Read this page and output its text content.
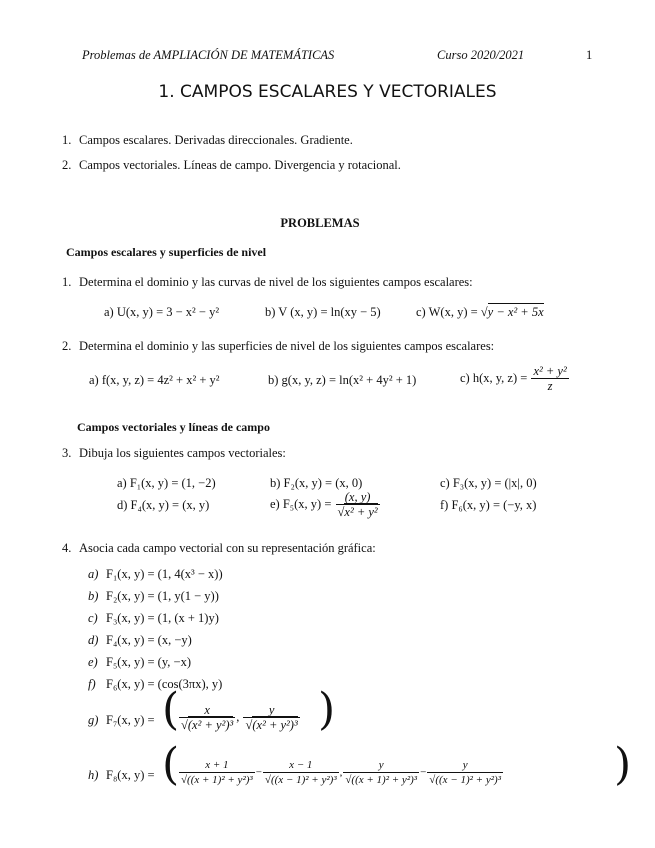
Problemas de AMPLIACIÓN DE MATEMÁTICAS	Curso 2020/2021	1
1. CAMPOS ESCALARES Y VECTORIALES
1. Campos escalares. Derivadas direccionales. Gradiente.
2. Campos vectoriales. Líneas de campo. Divergencia y rotacional.
PROBLEMAS
Campos escalares y superficies de nivel
1. Determina el dominio y las curvas de nivel de los siguientes campos escalares:
a) U(x, y) = 3 − x² − y²	b) V (x, y) = ln(xy − 5)	c) W(x, y) = √y − x² + 5x
2. Determina el dominio y las superficies de nivel de los siguientes campos escalares:
a) f(x, y, z) = 4z² + x² + y²	b) g(x, y, z) = ln(x² + 4y² + 1)	c) h(x, y, $z) = \frac{\text{x² + y²}}{z}$
Campos vectoriales y líneas de campo
3. Dibuja los siguientes campos vectoriales:
a) F₁(x, y) = (1, −2)	b) F₂(x, y) = (x, 0)	c) F₃(x, y) = (|x|, 0)
d) F₄(x, y) = (x, y)	e) F₅(x, $y) = \frac{(x, y)}{\text{√x² + y²}}$	f) F₆(x, y) = (−y, x)
4. Asocia cada campo vectorial con su representación gráfica:
a) F₁(x, y) = (1, 4(x³ − x))
b) F₂(x, y) = (1, y(1 − y))
c) F₃(x, y) = (1, (x + 1)y)
d) F₄(x, y) = (x, −y)
e) F₅(x, y) = (y, −x)
f) F₆(x, y) = (cos(3πx), y)
g) F₇(x, y) = ( $\frac{x}{\text{√(x² + y²)³}}$ , $\frac{y}{\text{√(x² + y²)³}}$ )
h) F₈(x, y) = ( $\frac{x + 1}{\text{√((x + 1)² + y²)³}} - \frac{x - 1}{\text{√((x − 1)² + y²)³}}$ , $\frac{y}{\text{√((x + 1)² + y²)³}} - \frac{y}{\text{√((x − 1)² + y²)³}}$	)
